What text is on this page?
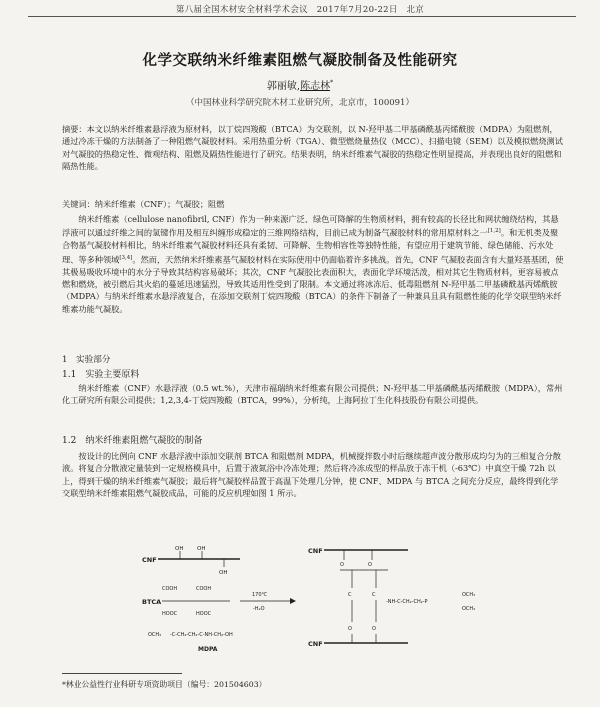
第八届全国木材安全材料学术会议　2017年7月20-22日　北京
化学交联纳米纤维素阻燃气凝胶制备及性能研究
郭丽敏,陈志林*
（中国林业科学研究院木材工业研究所，北京市，100091）
摘要：本文以纳米纤维素悬浮液为原材料，以丁烷四羧酸（BTCA）为交联剂，以 N-羟甲基二甲基磷酰基丙烯酰胺（MDPA）为阻燃剂，通过冷冻干燥的方法制备了一种阻燃气凝胶材料。采用热重分析（TGA）、微型燃烧量热仪（MCC）、扫描电镜（SEM）以及模拟燃烧测试对气凝胶的热稳定性、微观结构、阻燃及隔热性能进行了研究。结果表明，纳米纤维素气凝胶的热稳定性明显提高，并表现出良好的阻燃和隔热性能。
关键词：纳米纤维素（CNF）；气凝胶；阻燃
纳米纤维素（cellulose nanofibril, CNF）作为一种来源广泛、绿色可降解的生物质材料，拥有较高的长径比和网状缠绕结构，其悬浮液可以通过纤维之间的氢键作用及相互纠缠形成稳定的三维网络结构，目前已成为制备气凝胶材料的常用原材料之一[1,2]。和无机类及聚合物基气凝胶材料相比，纳米纤维素气凝胶材料还具有柔韧、可降解、生物相容性等独特性能，有望应用于建筑节能、绿色储能、污水处理、等多种领域[3,4]。然而，天然纳米纤维素基气凝胶材料在实际使用中仍面临着许多挑战。首先，CNF 气凝胶表面含有大量羟基基团，使其极易吸收环境中的水分子导致其结构容易破坏；其次，CNF 气凝胶比表面积大，表面化学环境活泼，相对其它生物质材料，更容易被点燃和燃烧，被引燃后其火焰的蔓延迅速猛烈，导致其适用性受到了限制。本文通过将冰冻后、低毒阻燃剂 N-羟甲基二甲基磷酰基丙烯酰胺（MDPA）与纳米纤维素水悬浮液复合，在添加交联剂丁烷四羧酸（BTCA）的条件下制备了一种兼具且具有阻燃性能的化学交联型纳米纤维素功能气凝胶。
1　实验部分
1.1　实验主要原料
纳米纤维素（CNF）水悬浮液（0.5 wt.%），天津市福瑞纳米纤维素有限公司提供；N-羟甲基二甲基磷酰基丙烯酰胺（MDPA），常州化工研究所有限公司提供；1,2,3,4-丁烷四羧酸（BTCA，99%），分析纯，上海阿拉丁生化科技股份有限公司提供。
1.2　纳米纤维素阻燃气凝胶的制备
按设计的比例向 CNF 水悬浮液中添加交联剂 BTCA 和阻燃剂 MDPA，机械搅拌数小时后继续超声波分散形成均匀为的三相复合分散液。将复合分散液定量装到一定规格模具中，后置于液氮浴中冷冻处理；然后将冷冻成型的样品放于冻干机（-63℃）中真空干燥 72h 以上，得到干燥的纳米纤维素气凝胶；最后将气凝胶样品置于高温下处理几分钟，使 CNF、MDPA 与 BTCA 之间充分反应，最终得到化学交联型纳米纤维素阻燃气凝胶成品，可能的反应机理如图 1 所示。
CNF
OH OH
OH
BTCA
COOH	COOH
HOOC	HOOC
170℃
-H₂O
OCH₃ -C-CH₂-CH₂-C-NH-CH₂-OH
MDPA
CNF
O	O
C	C
-NH-C-CH₂-CH₂-P
OCH₃
OCH₃
O	O
CNF
*林业公益性行业科研专项资助项目（编号：201504603）
